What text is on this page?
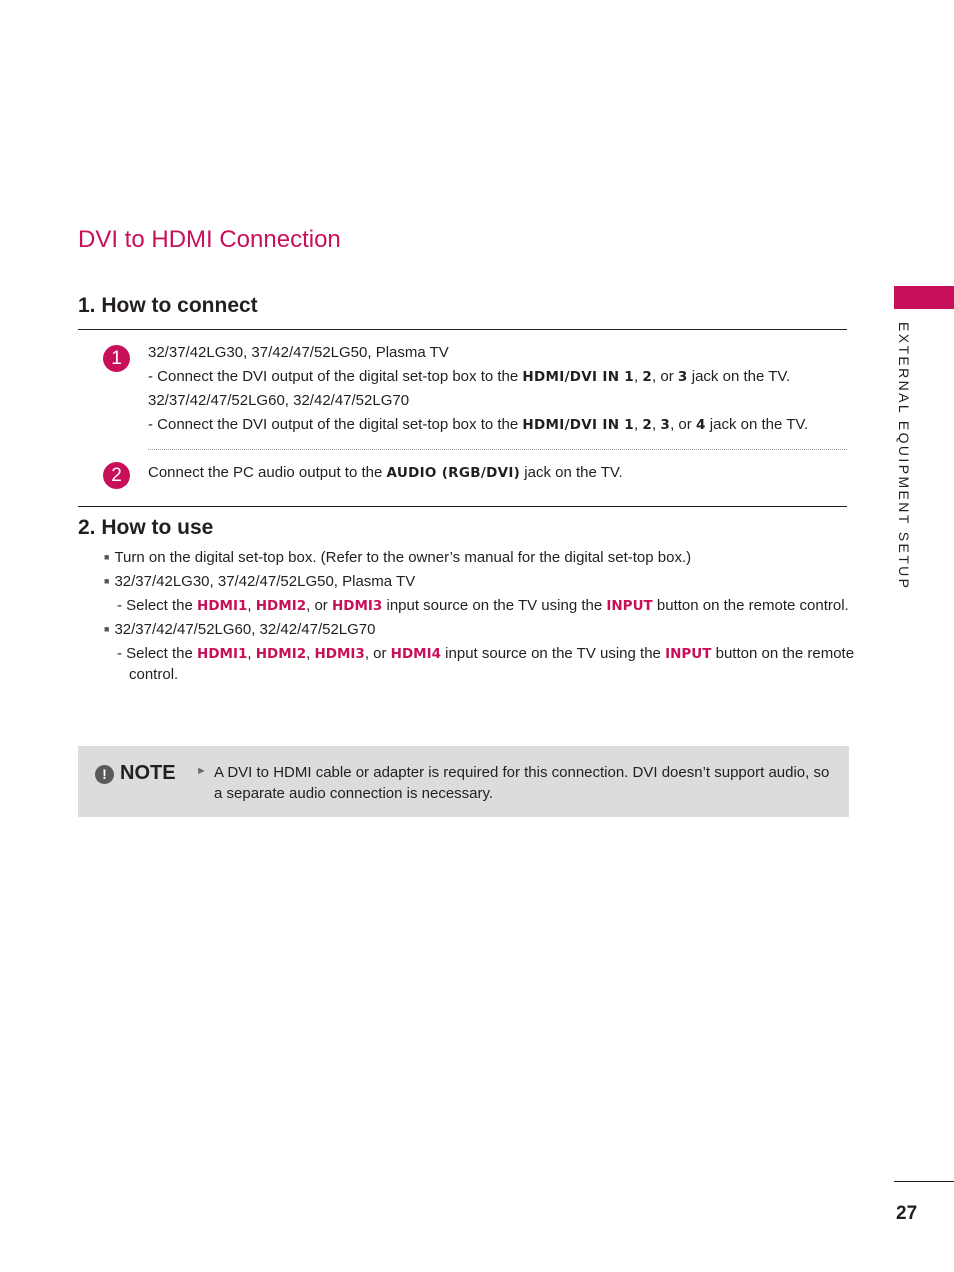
EXTERNAL EQUIPMENT SETUP
DVI to HDMI Connection
1. How to connect
1	32/37/42LG30, 37/42/47/52LG50, Plasma TV
- Connect the DVI output of the digital set-top box to the HDMI/DVI IN 1, 2, or 3 jack on the TV.
32/37/42/47/52LG60, 32/42/47/52LG70
- Connect the DVI output of the digital set-top box to the HDMI/DVI IN 1, 2, 3, or 4 jack on the TV.
2	Connect the PC audio output to the AUDIO (RGB/DVI) jack on the TV.
2. How to use
■ Turn on the digital set-top box. (Refer to the owner’s manual for the digital set-top box.)
■ 32/37/42LG30, 37/42/47/52LG50, Plasma TV
- Select the HDMI1, HDMI2, or HDMI3 input source on the TV using the INPUT button on the remote control.
■ 32/37/42/47/52LG60, 32/42/47/52LG70
- Select the HDMI1, HDMI2, HDMI3, or HDMI4 input source on the TV using the INPUT button on the remote
control.
! NOTE ► A DVI to HDMI cable or adapter is required for this connection. DVI doesn’t support audio, so a separate audio connection is necessary.
27
